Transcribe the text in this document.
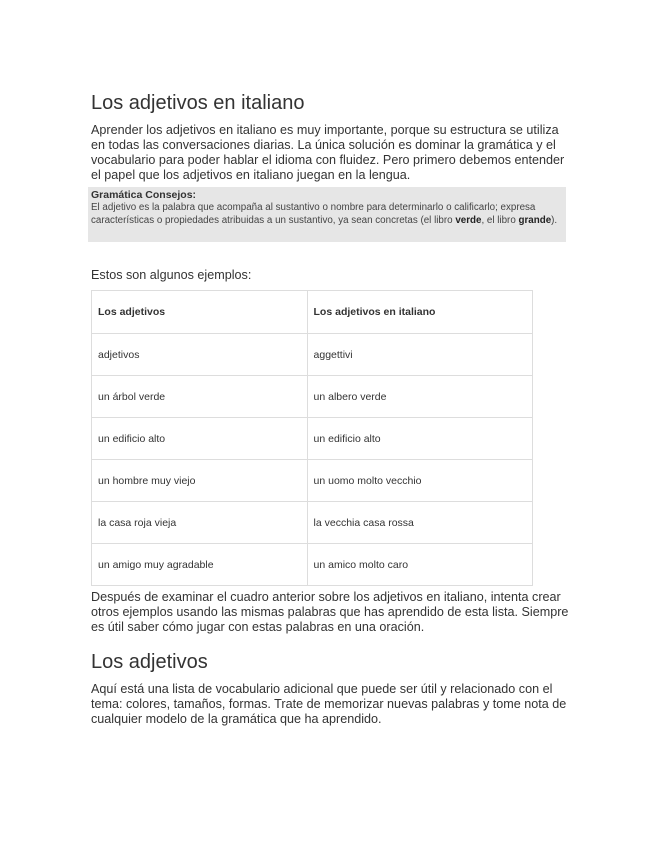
Los adjetivos en italiano

Aprender los adjetivos en italiano es muy importante, porque su estructura se utiliza en todas las conversaciones diarias. La única solución es dominar la gramática y el vocabulario para poder hablar el idioma con fluidez. Pero primero debemos entender el papel que los adjetivos en italiano juegan en la lengua.

Gramática Consejos:
El adjetivo es la palabra que acompaña al sustantivo o nombre para determinarlo o calificarlo; expresa características o propiedades atribuidas a un sustantivo, ya sean concretas (el libro verde, el libro grande).
Estos son algunos ejemplos:
Los adjetivos	Los adjetivos en italiano
adjetivos	aggettivi
un árbol verde	un albero verde
un edificio alto	un edificio alto
un hombre muy viejo	un uomo molto vecchio
la casa roja vieja	la vecchia casa rossa
un amigo muy agradable	un amico molto caro

Después de examinar el cuadro anterior sobre los adjetivos en italiano, intenta crear otros ejemplos usando las mismas palabras que has aprendido de esta lista. Siempre es útil saber cómo jugar con estas palabras en una oración.

Los adjetivos

Aquí está una lista de vocabulario adicional que puede ser útil y relacionado con el tema: colores, tamaños, formas. Trate de memorizar nuevas palabras y tome nota de cualquier modelo de la gramática que ha aprendido.
